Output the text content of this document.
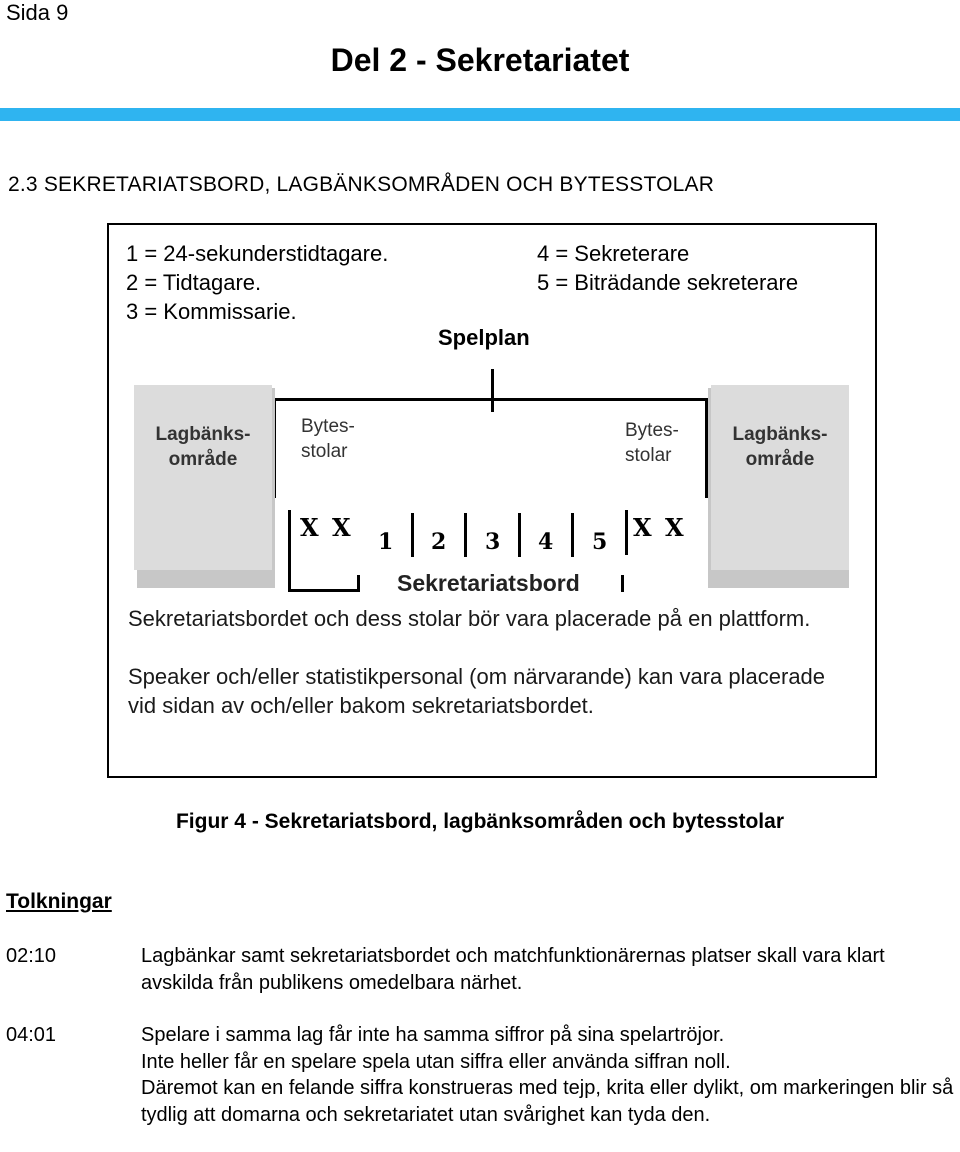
Sida 9
Del 2 - Sekretariatet
2.3 SEKRETARIATSBORD, LAGBÄNKSOMRÅDEN OCH BYTESSTOLAR
1 = 24-sekunderstidtagare.
2 = Tidtagare.
3 = Kommissarie.
4 = Sekreterare
5 = Biträdande sekreterare
Spelplan
Lagbänks-
område
Lagbänks-
område
Bytes-
stolar
Bytes-
stolar
X X	X X
1 2 3 4 5
Sekretariatsbord
Sekretariatsbordet och dess stolar bör vara placerade på en plattform.
Speaker och/eller statistikpersonal (om närvarande) kan vara placerade vid sidan av och/eller bakom sekretariatsbordet.
Figur 4 - Sekretariatsbord, lagbänksområden och bytesstolar
Tolkningar
02:10	Lagbänkar samt sekretariatsbordet och matchfunktionärernas platser skall vara klart avskilda från publikens omedelbara närhet.
04:01	Spelare i samma lag får inte ha samma siffror på sina spelartröjor.
Inte heller får en spelare spela utan siffra eller använda siffran noll.
Däremot kan en felande siffra konstrueras med tejp, krita eller dylikt, om markeringen blir så tydlig att domarna och sekretariatet utan svårighet kan tyda den.
